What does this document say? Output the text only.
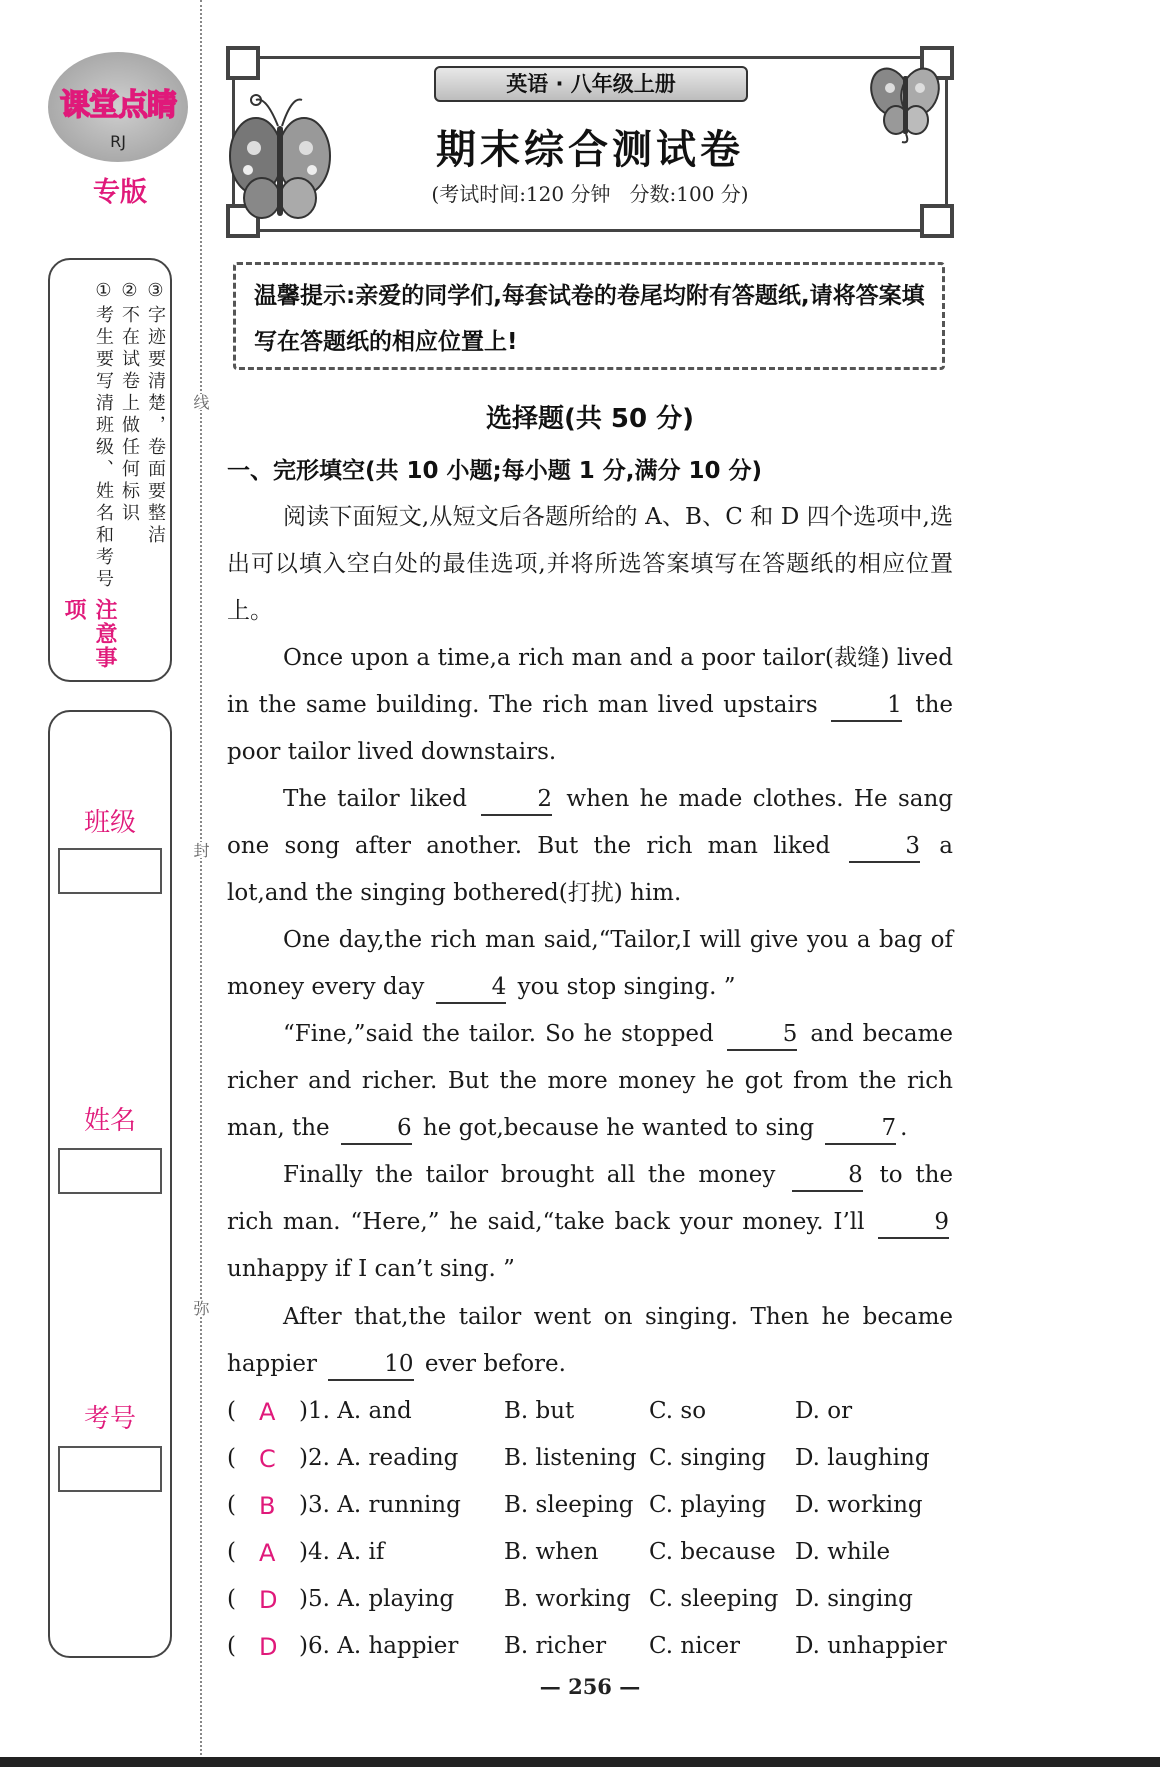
课堂点睛
RJ
专版
注意事项
①考生要写清班级、姓名和考号 ②不在试卷上做任何标识 ③字迹要清楚，卷面要整洁
班级
姓名
考号
线
封
弥
英语 · 八年级上册
期末综合测试卷
(考试时间:120 分钟   分数:100 分)
温馨提示:亲爱的同学们,每套试卷的卷尾均附有答题纸,请将答案填写在答题纸的相应位置上!
选择题(共 50 分)
一、完形填空(共 10 小题;每小题 1 分,满分 10 分)
阅读下面短文,从短文后各题所给的 A、B、C 和 D 四个选项中,选出可以填入空白处的最佳选项,并将所选答案填写在答题纸的相应位置上。
Once upon a time,a rich man and a poor tailor(裁缝) lived in the same building. The rich man lived upstairs	1 the poor tailor lived downstairs.
The tailor liked	2 when he made clothes. He sang one song after another. But the rich man liked	3 a lot,and the singing bothered(打扰) him.
One day,the rich man said,“Tailor,I will give you a bag of money every day	4 you stop singing. ”
“Fine,”said the tailor. So he stopped	5 and became richer and richer. But the more money he got from the rich man, the	6 he got,because he wanted to sing	7 .
Finally the tailor brought all the money	8 to the rich man. “Here,” he said,“take back your money. I’ll	9 unhappy if I can’t sing. ”
After that,the tailor went on singing. Then he became happier	10 ever before.
( A )1. A. and	B. but	C. so	D. or
( C )2. A. reading B. listening C. singing D. laughing
( B )3. A. running B. sleeping C. playing D. working
( A )4. A. if	B. when C. because D. while
( D )5. A. playing B. working C. sleeping D. singing
( D )6. A. happier B. richer C. nicer D. unhappier
— 256 —
